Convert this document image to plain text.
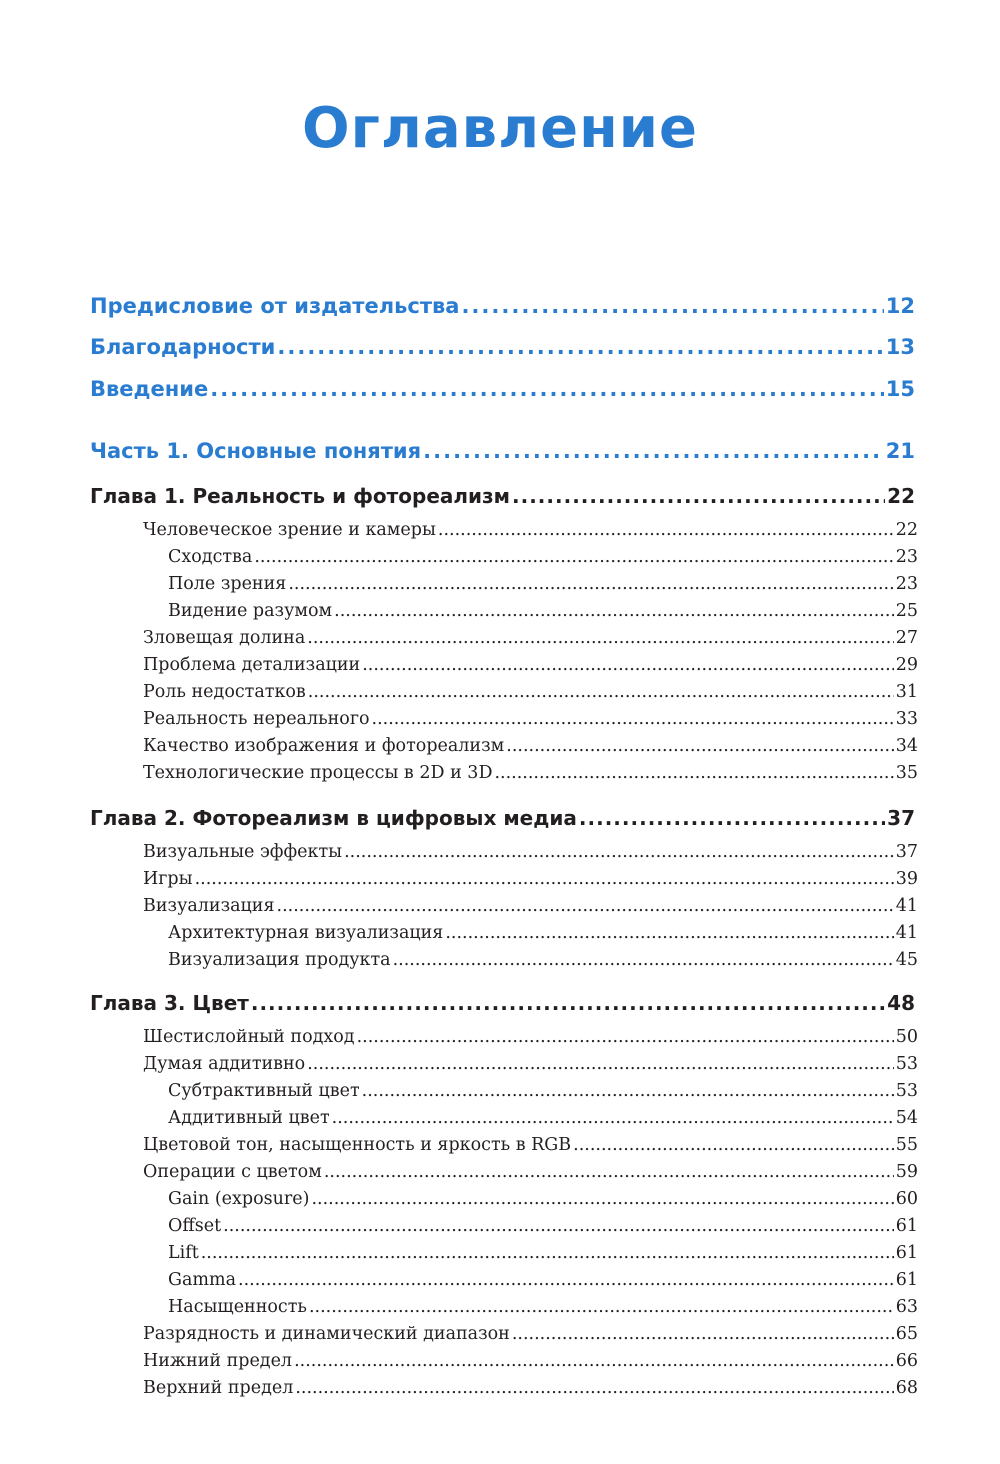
Оглавление
Предисловие от издательства .....	12
Благодарности .....	13
Введение .....	15
Часть 1. Основные понятия .....	21
Глава 1. Реальность и фотореализм .....	22
Человеческое зрение и камеры .....	22
Сходства .....	23
Поле зрения .....	23
Видение разумом .....	25
Зловещая долина .....	27
Проблема детализации .....	29
Роль недостатков .....	31
Реальность нереального .....	33
Качество изображения и фотореализм .....	34
Технологические процессы в 2D и 3D .....	35
Глава 2. Фотореализм в цифровых медиа .....	37
Визуальные эффекты .....	37
Игры .....	39
Визуализация .....	41
Архитектурная визуализация .....	41
Визуализация продукта .....	45
Глава 3. Цвет .....	48
Шестислойный подход .....	50
Думая аддитивно .....	53
Субтрактивный цвет .....	53
Аддитивный цвет .....	54
Цветовой тон, насыщенность и яркость в RGB .....	55
Операции с цветом .....	59
Gain (exposure) .....	60
Offset .....	61
Lift .....	61
Gamma .....	61
Насыщенность .....	63
Разрядность и динамический диапазон .....	65
Нижний предел .....	66
Верхний предел .....	68
